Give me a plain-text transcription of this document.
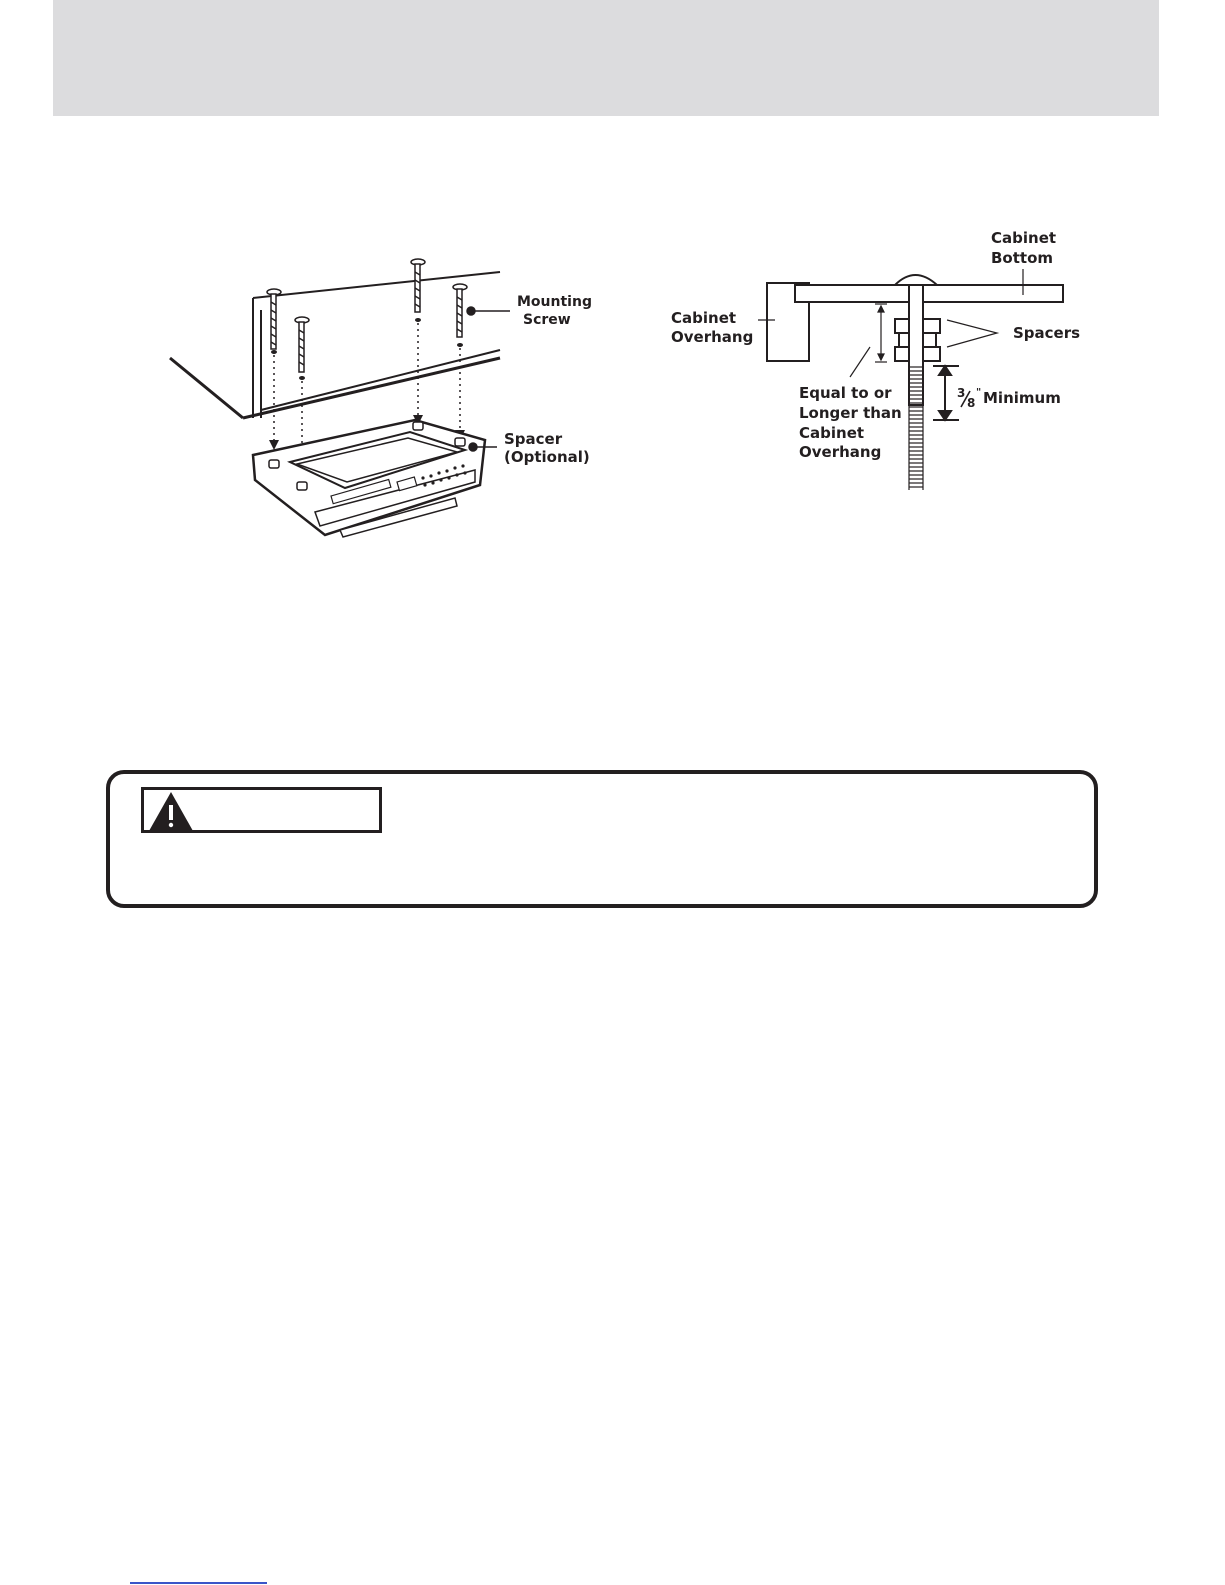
Mounting
Screw
Spacer
(Optional)
Cabinet
Bottom
Cabinet
Overhang	Spacers
Equal to or
Longer than
Cabinet
Overhang
3
8
" Minimum
